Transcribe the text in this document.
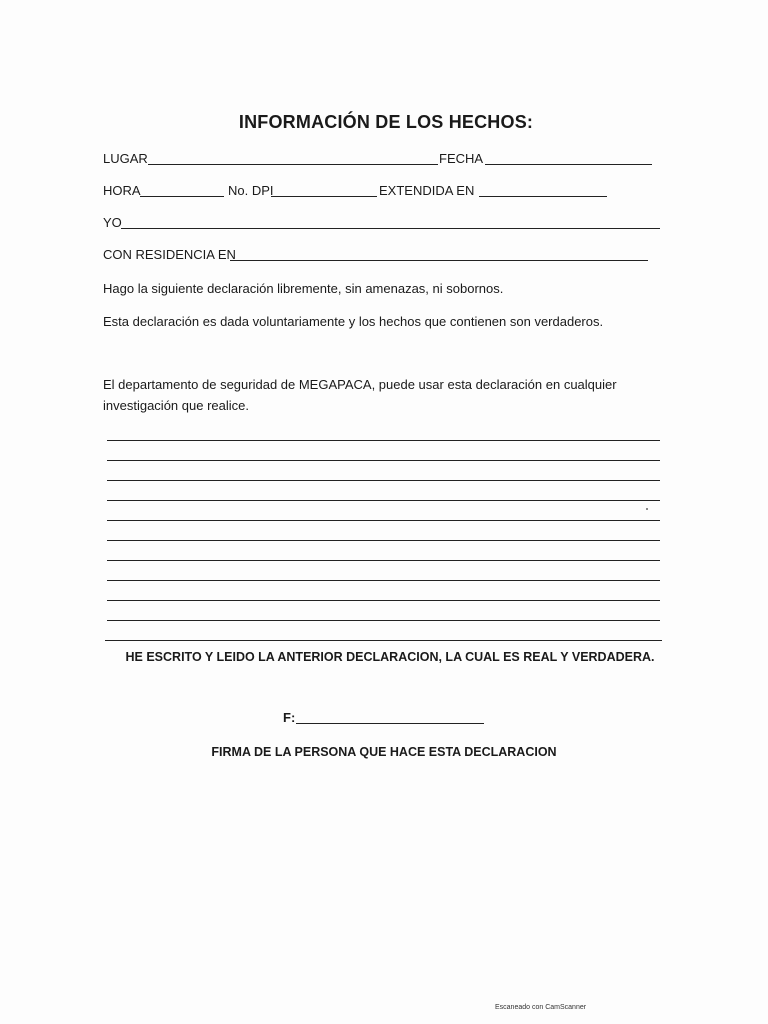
INFORMACIÓN DE LOS HECHOS:
LUGAR	FECHA
HORA	No. DPI	EXTENDIDA EN
YO
CON RESIDENCIA EN
Hago la siguiente declaración libremente, sin amenazas, ni sobornos.
Esta declaración es dada voluntariamente y los hechos que contienen son verdaderos.
El departamento de seguridad de MEGAPACA, puede usar esta declaración en cualquier
investigación que realice.
HE ESCRITO Y LEIDO LA ANTERIOR DECLARACION, LA CUAL ES REAL Y VERDADERA.
F:
FIRMA DE LA PERSONA QUE HACE ESTA DECLARACION
Escaneado con CamScanner
